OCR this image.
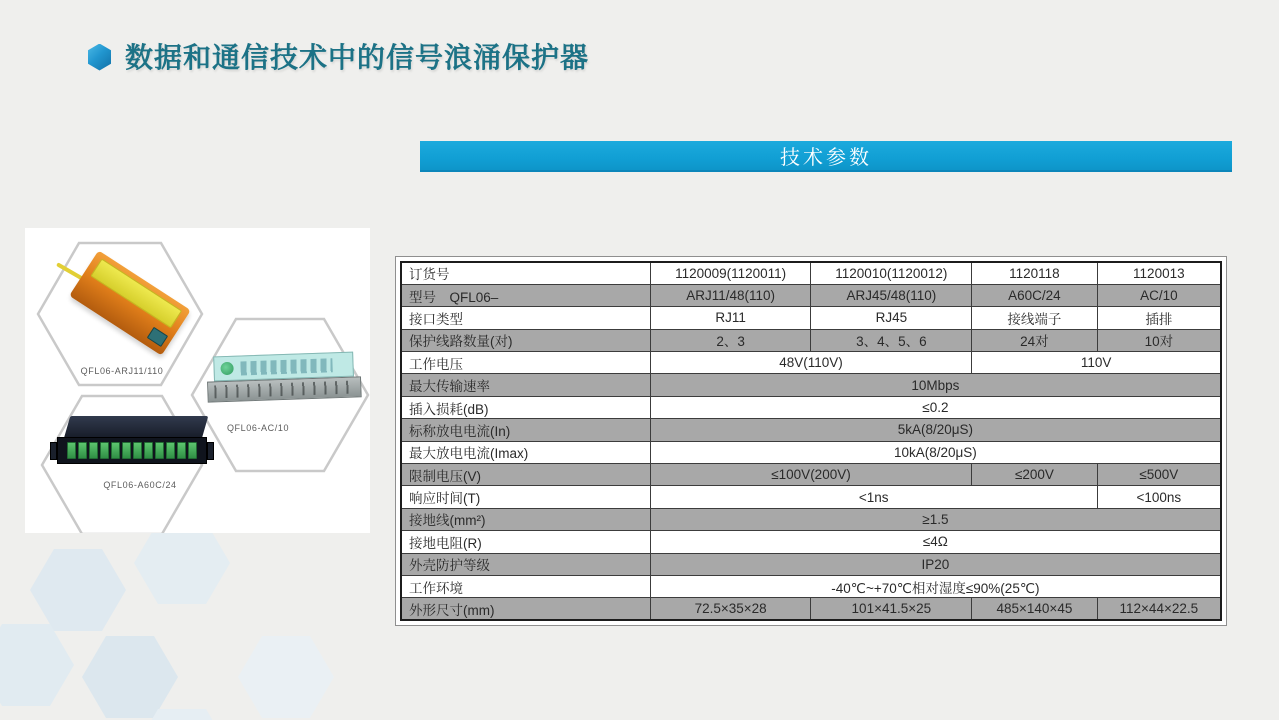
数据和通信技术中的信号浪涌保护器
技术参数
QFL06-ARJ11/110
QFL06-AC/10
QFL06-A60C/24
订货号	1120009(1120011)	1120010(1120012)	1120118	1120013
型号　QFL06–	ARJ11/48(110)	ARJ45/48(110)	A60C/24	AC/10
接口类型	RJ11	RJ45	接线端子	插排
保护线路数量(对)	2、3	3、4、5、6	24对	10对
工作电压	48V(110V)		110V	
最大传输速率	10Mbps			
插入损耗(dB)	≤0.2			
标称放电电流(In)	5kA(8/20μS)			
最大放电电流(Imax)	10kA(8/20μS)			
限制电压(V)	≤100V(200V)		≤200V	≤500V
响应时间(T)	<1ns			<100ns
接地线(mm²)	≥1.5			
接地电阻(R)	≤4Ω			
外壳防护等级	IP20			
工作环境	-40℃~+70℃相对湿度≤90%(25℃)			
外形尺寸(mm)	72.5×35×28	101×41.5×25	485×140×45	112×44×22.5
